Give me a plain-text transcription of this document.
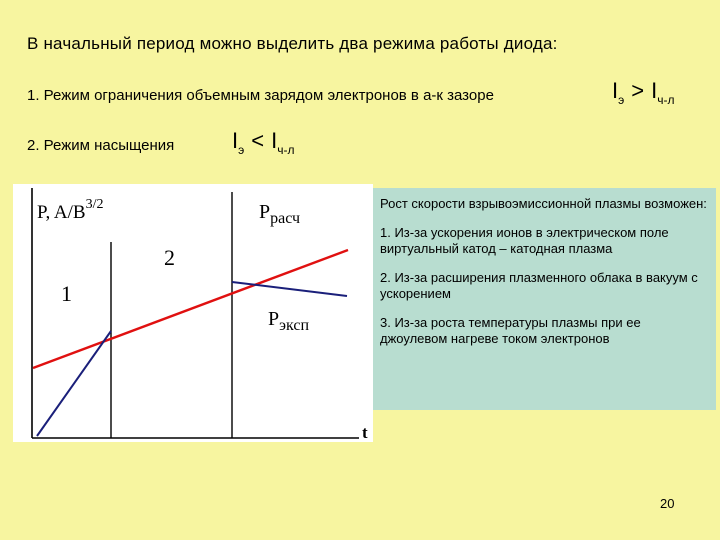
В начальный период можно выделить два режима работы диода:
1. Режим ограничения объемным зарядом электронов в а-к зазоре	$I_э > I_{ч-л}$
2. Режим насыщения	$I_э < I_{ч-л}$
P, $A/B^{3/2}$
t
1
2
$P_{расч}$
$P_{эксп}$

Рост скорости взрывоэмиссионной плазмы возможен:

1. Из-за ускорения ионов в электрическом поле виртуальный катод – катодная плазма

2. Из-за расширения плазменного облака в вакуум с ускорением

3. Из-за роста температуры плазмы при ее джоулевом нагреве током электронов

20
